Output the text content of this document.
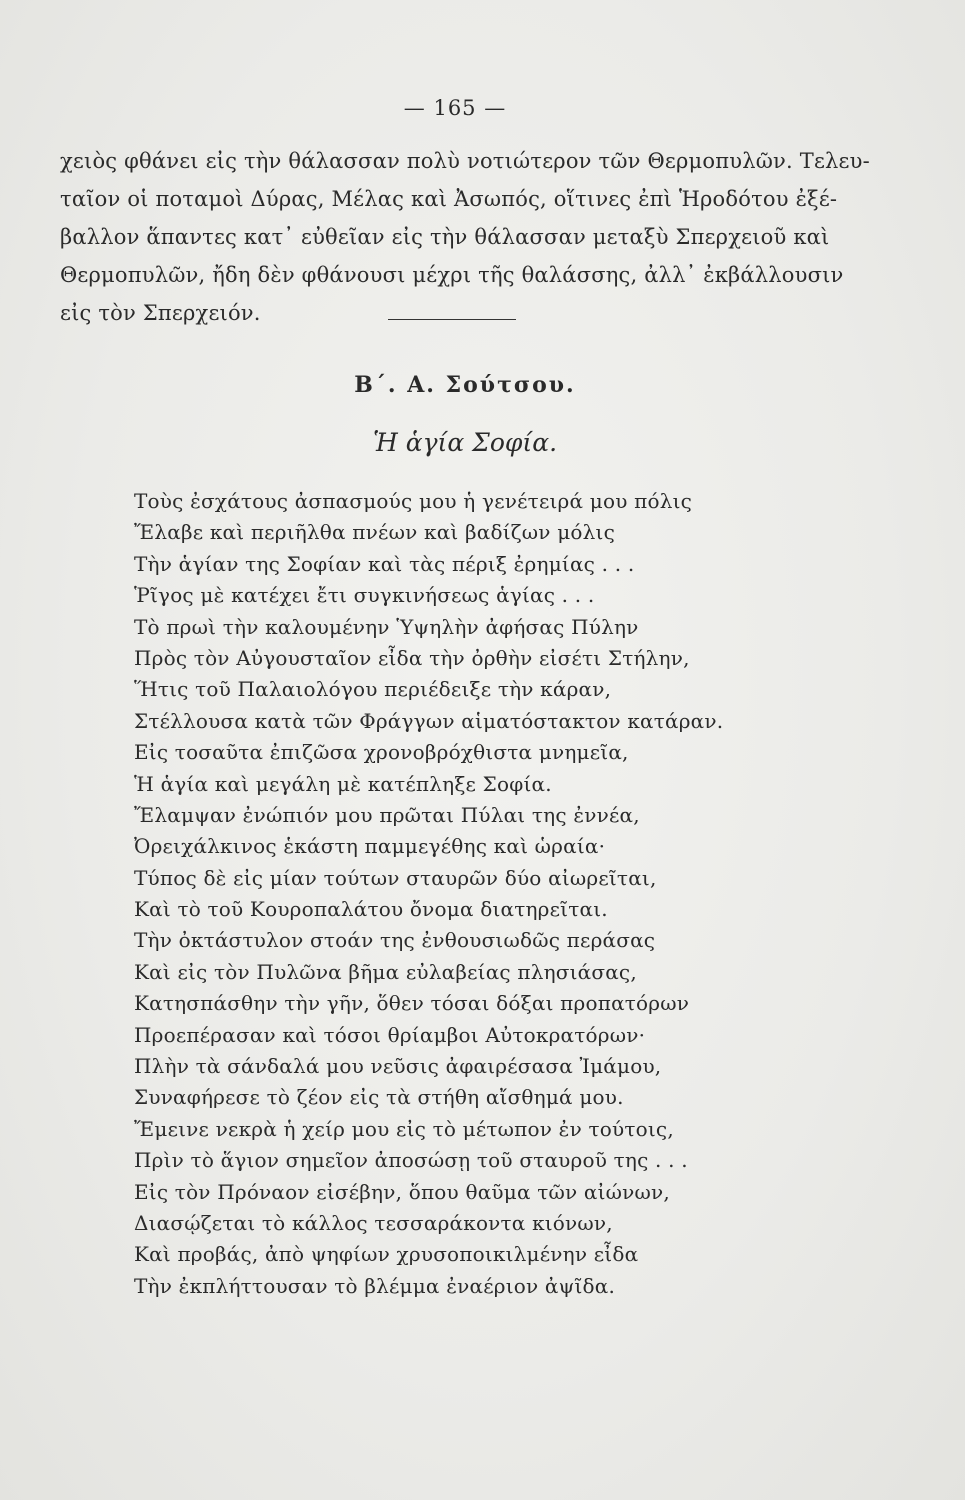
— 165 —
χειὸς φθάνει εἰς τὴν θάλασσαν πολὺ νοτιώτερον τῶν Θερμοπυλῶν. Τελευ-
ταῖον οἱ ποταμοὶ Δύρας, Μέλας καὶ Ἀσωπός, οἵτινες ἐπὶ Ἡροδότου ἐξέ-
βαλλον ἅπαντες κατ᾽ εὐθεῖαν εἰς τὴν θάλασσαν μεταξὺ Σπερχειοῦ καὶ
Θερμοπυλῶν, ἤδη δὲν φθάνουσι μέχρι τῆς θαλάσσης, ἀλλ᾽ ἐκβάλλουσιν
εἰς τὸν Σπερχειόν.
Β΄. Α. Σούτσου.
Ἡ ἁγία Σοφία.
Τοὺς ἐσχάτους ἀσπασμούς μου ἡ γενέτειρά μου πόλις
Ἔλαβε καὶ περιῆλθα πνέων καὶ βαδίζων μόλις
Τὴν ἁγίαν της Σοφίαν καὶ τὰς πέριξ ἐρημίας . . .
Ῥῖγος μὲ κατέχει ἔτι συγκινήσεως ἁγίας . . .
Τὸ πρωὶ τὴν καλουμένην Ὑψηλὴν ἀφήσας Πύλην
Πρὸς τὸν Αὐγουσταῖον εἶδα τὴν ὀρθὴν εἰσέτι Στήλην,
Ἥτις τοῦ Παλαιολόγου περιέδειξε τὴν κάραν,
Στέλλουσα κατὰ τῶν Φράγγων αἱματόστακτον κατάραν.
Εἰς τοσαῦτα ἐπιζῶσα χρονοβρόχθιστα μνημεῖα,
Ἡ ἁγία καὶ μεγάλη μὲ κατέπληξε Σοφία.
Ἔλαμψαν ἐνώπιόν μου πρῶται Πύλαι της ἐννέα,
Ὀρειχάλκινος ἑκάστη παμμεγέθης καὶ ὡραία·
Τύπος δὲ εἰς μίαν τούτων σταυρῶν δύο αἰωρεῖται,
Καὶ τὸ τοῦ Κουροπαλάτου ὄνομα διατηρεῖται.
Τὴν ὀκτάστυλον στοάν της ἐνθουσιωδῶς περάσας
Καὶ εἰς τὸν Πυλῶνα βῆμα εὐλαβείας πλησιάσας,
Κατησπάσθην τὴν γῆν, ὅθεν τόσαι δόξαι προπατόρων
Προεπέρασαν καὶ τόσοι θρίαμβοι Αὐτοκρατόρων·
Πλὴν τὰ σάνδαλά μου νεῦσις ἀφαιρέσασα Ἰμάμου,
Συναφήρεσε τὸ ζέον εἰς τὰ στήθη αἴσθημά μου.
Ἔμεινε νεκρὰ ἡ χείρ μου εἰς τὸ μέτωπον ἐν τούτοις,
Πρὶν τὸ ἅγιον σημεῖον ἀποσώσῃ τοῦ σταυροῦ της . . .
Εἰς τὸν Πρόναον εἰσέβην, ὅπου θαῦμα τῶν αἰώνων,
Διασῴζεται τὸ κάλλος τεσσαράκοντα κιόνων,
Καὶ προβάς, ἀπὸ ψηφίων χρυσοποικιλμένην εἶδα
Τὴν ἐκπλήττουσαν τὸ βλέμμα ἐναέριον ἀψῖδα.
